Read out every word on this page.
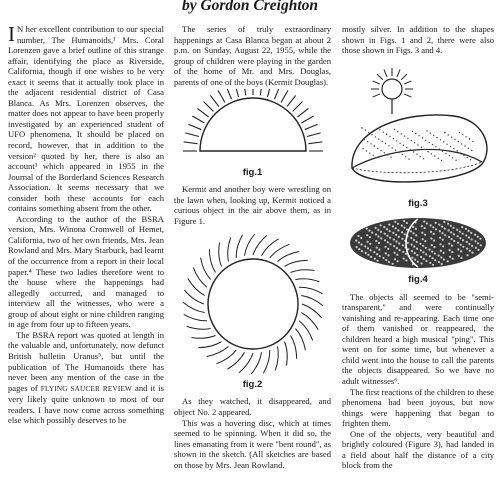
by Gordon Creighton

I N her excellent contribution to our special number, The Humanoids,¹ Mrs. Coral Lorenzen gave a brief outline of this strange affair, identifying the place as Riverside, California, though if one wishes to be very exact it seems that it actually took place in the adjacent residential district of Casa Blanca. As Mrs. Lorenzen observes, the matter does not appear to have been properly investigated by an experienced student of UFO phenomena. It should be placed on record, however, that in addition to the version² quoted by her, there is also an account³ which appeared in 1955 in the Journal of the Borderland Sciences Research Association. It seems necessary that we consider both these accounts for each contains something absent from the other.

According to the author of the BSRA version, Mrs. Winona Cromwell of Hemet, California, two of her own friends, Mrs. Jean Rowland and Mrs. Mary Starbuck, had learnt of the occurrence from a report in their local paper.⁴ These two ladies therefore went to the house where the happenings had allegedly occurred, and managed to interview all the witnesses, who were a group of about eight or nine children ranging in age from four up to fifteen years.

The BSRA report was quoted at length in the valuable and, unfortunately, now defunct British bulletin Uranus⁵, but until the publication of The Humanoids there has never been any mention of the case in the pages of FLYING SAUCER REVIEW and it is very likely quite unknown to most of our readers. I have now come across something else which possibly deserves to be

The series of truly extraordinary happenings at Casa Blanca began at about 2 p.m. on Sunday, August 22, 1955, while the group of children were playing in the garden of the home of Mr. and Mrs. Douglas, parents of one of the boys (Kermit Douglas).

fig.1

Kermit and another boy were wrestling on the lawn when, looking up, Kermit noticed a curious object in the air above them, as in Figure 1.

fig.2

As they watched, it disappeared, and object No. 2 appeared.

This was a hovering disc, which at times seemed to be spinning. When it did so, the lines emanating from it were "bent round", as shown in the sketch. (All sketches are based on those by Mrs. Jean Rowland.

mostly silver. In addition to the shapes shown in Figs. 1 and 2, there were also those shown in Figs. 3 and 4.

fig.3

fig.4

The objects all seemed to be "semi-transparent," and were continually vanishing and re-appearing. Each time one of them vanished or reappeared, the children heard a high musical "ping". This went on for some time, but whenever a child went into the house to call the parents the objects disappeared. So we have no adult witnesses⁶.

The first reactions of the children to these phenomena had been joyous, but now things were happening that began to frighten them.

One of the objects, very beautiful and brightly coloured (Figure 3), had landed in a field about half the distance of a city block from the
